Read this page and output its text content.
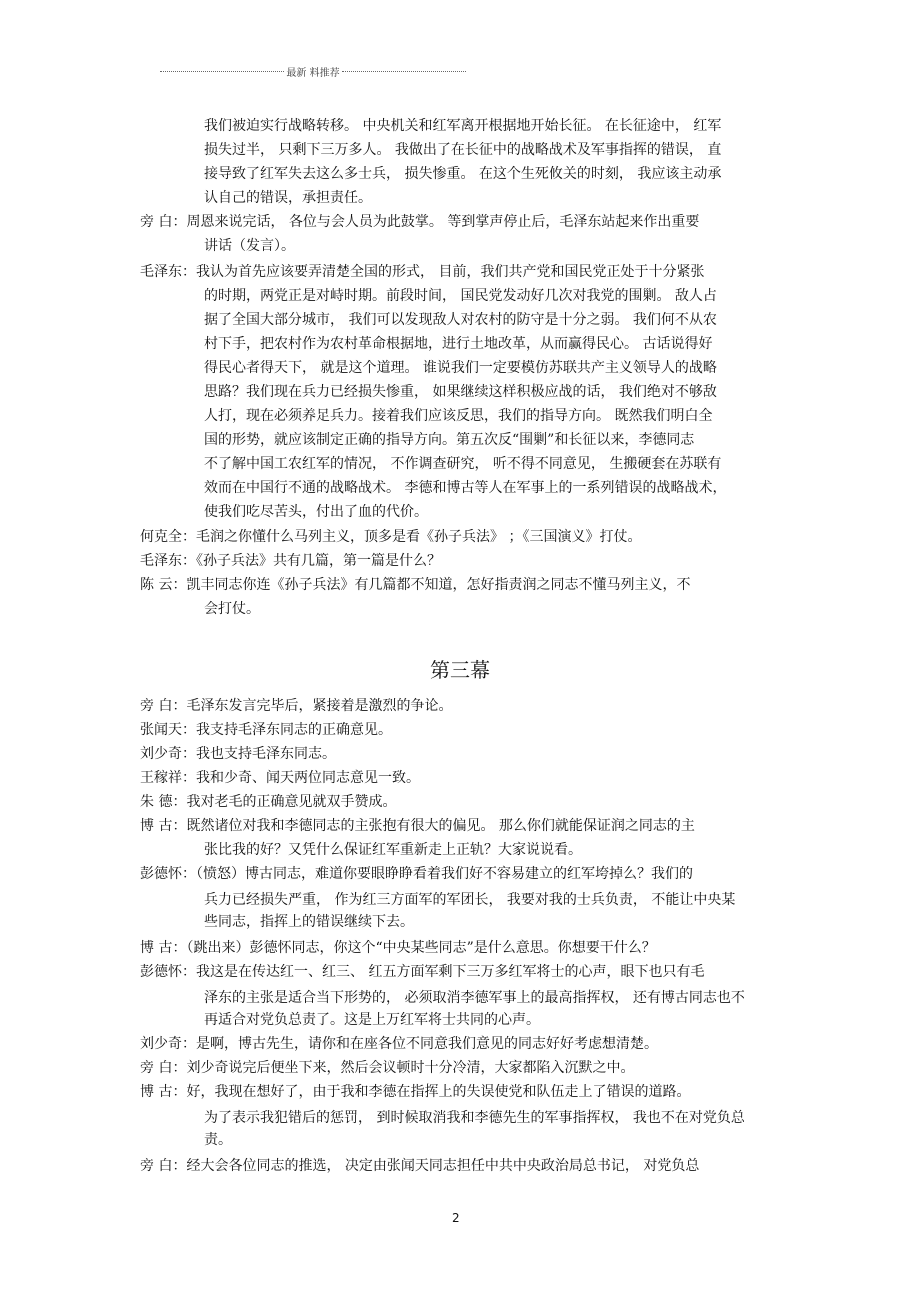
最新 料推荐
我们被迫实行战略转移。 中央机关和红军离开根据地开始长征。 在长征途中， 红军
损失过半， 只剩下三万多人。 我做出了在长征中的战略战术及军事指挥的错误， 直
接导致了红军失去这么多士兵， 损失惨重。 在这个生死攸关的时刻， 我应该主动承
认自己的错误，承担责任。
旁 白：周恩来说完话， 各位与会人员为此鼓掌。 等到掌声停止后，毛泽东站起来作出重要
讲话（发言）。
毛泽东：我认为首先应该要弄清楚全国的形式， 目前，我们共产党和国民党正处于十分紧张
的时期，两党正是对峙时期。前段时间， 国民党发动好几次对我党的围剿。 敌人占
据了全国大部分城市， 我们可以发现敌人对农村的防守是十分之弱。 我们何不从农
村下手，把农村作为农村革命根据地，进行土地改革，从而赢得民心。 古话说得好
得民心者得天下， 就是这个道理。 谁说我们一定要模仿苏联共产主义领导人的战略
思路？我们现在兵力已经损失惨重， 如果继续这样积极应战的话， 我们绝对不够敌
人打，现在必须养足兵力。接着我们应该反思，我们的指导方向。 既然我们明白全
国的形势，就应该制定正确的指导方向。第五次反“围剿”和长征以来，李德同志
不了解中国工农红军的情况， 不作调查研究， 听不得不同意见， 生搬硬套在苏联有
效而在中国行不通的战略战术。 李德和博古等人在军事上的一系列错误的战略战术，
使我们吃尽苦头，付出了血的代价。
何克全：毛润之你懂什么马列主义，顶多是看《孙子兵法》 ；《三国演义》打仗。
毛泽东：《孙子兵法》共有几篇，第一篇是什么？
陈 云：凯丰同志你连《孙子兵法》有几篇都不知道，怎好指责润之同志不懂马列主义，不
会打仗。
第三幕
旁 白：毛泽东发言完毕后，紧接着是激烈的争论。
张闻天：我支持毛泽东同志的正确意见。
刘少奇：我也支持毛泽东同志。
王稼祥：我和少奇、闻天两位同志意见一致。
朱 德：我对老毛的正确意见就双手赞成。
博 古：既然诸位对我和李德同志的主张抱有很大的偏见。 那么你们就能保证润之同志的主
张比我的好？又凭什么保证红军重新走上正轨？大家说说看。
彭德怀：（愤怒）博古同志，难道你要眼睁睁看着我们好不容易建立的红军垮掉么？我们的
兵力已经损失严重， 作为红三方面军的军团长， 我要对我的士兵负责， 不能让中央某
些同志，指挥上的错误继续下去。
博 古：（跳出来）彭德怀同志，你这个“中央某些同志”是什么意思。你想要干什么？
彭德怀：我这是在传达红一、红三、 红五方面军剩下三万多红军将士的心声，眼下也只有毛
泽东的主张是适合当下形势的， 必须取消李德军事上的最高指挥权， 还有博古同志也不
再适合对党负总责了。这是上万红军将士共同的心声。
刘少奇：是啊，博古先生，请你和在座各位不同意我们意见的同志好好考虑想清楚。
旁 白：刘少奇说完后便坐下来，然后会议顿时十分冷清，大家都陷入沉默之中。
博 古：好，我现在想好了，由于我和李德在指挥上的失误使党和队伍走上了错误的道路。
为了表示我犯错后的惩罚， 到时候取消我和李德先生的军事指挥权， 我也不在对党负总
责。
旁 白：经大会各位同志的推选， 决定由张闻天同志担任中共中央政治局总书记， 对党负总
2
